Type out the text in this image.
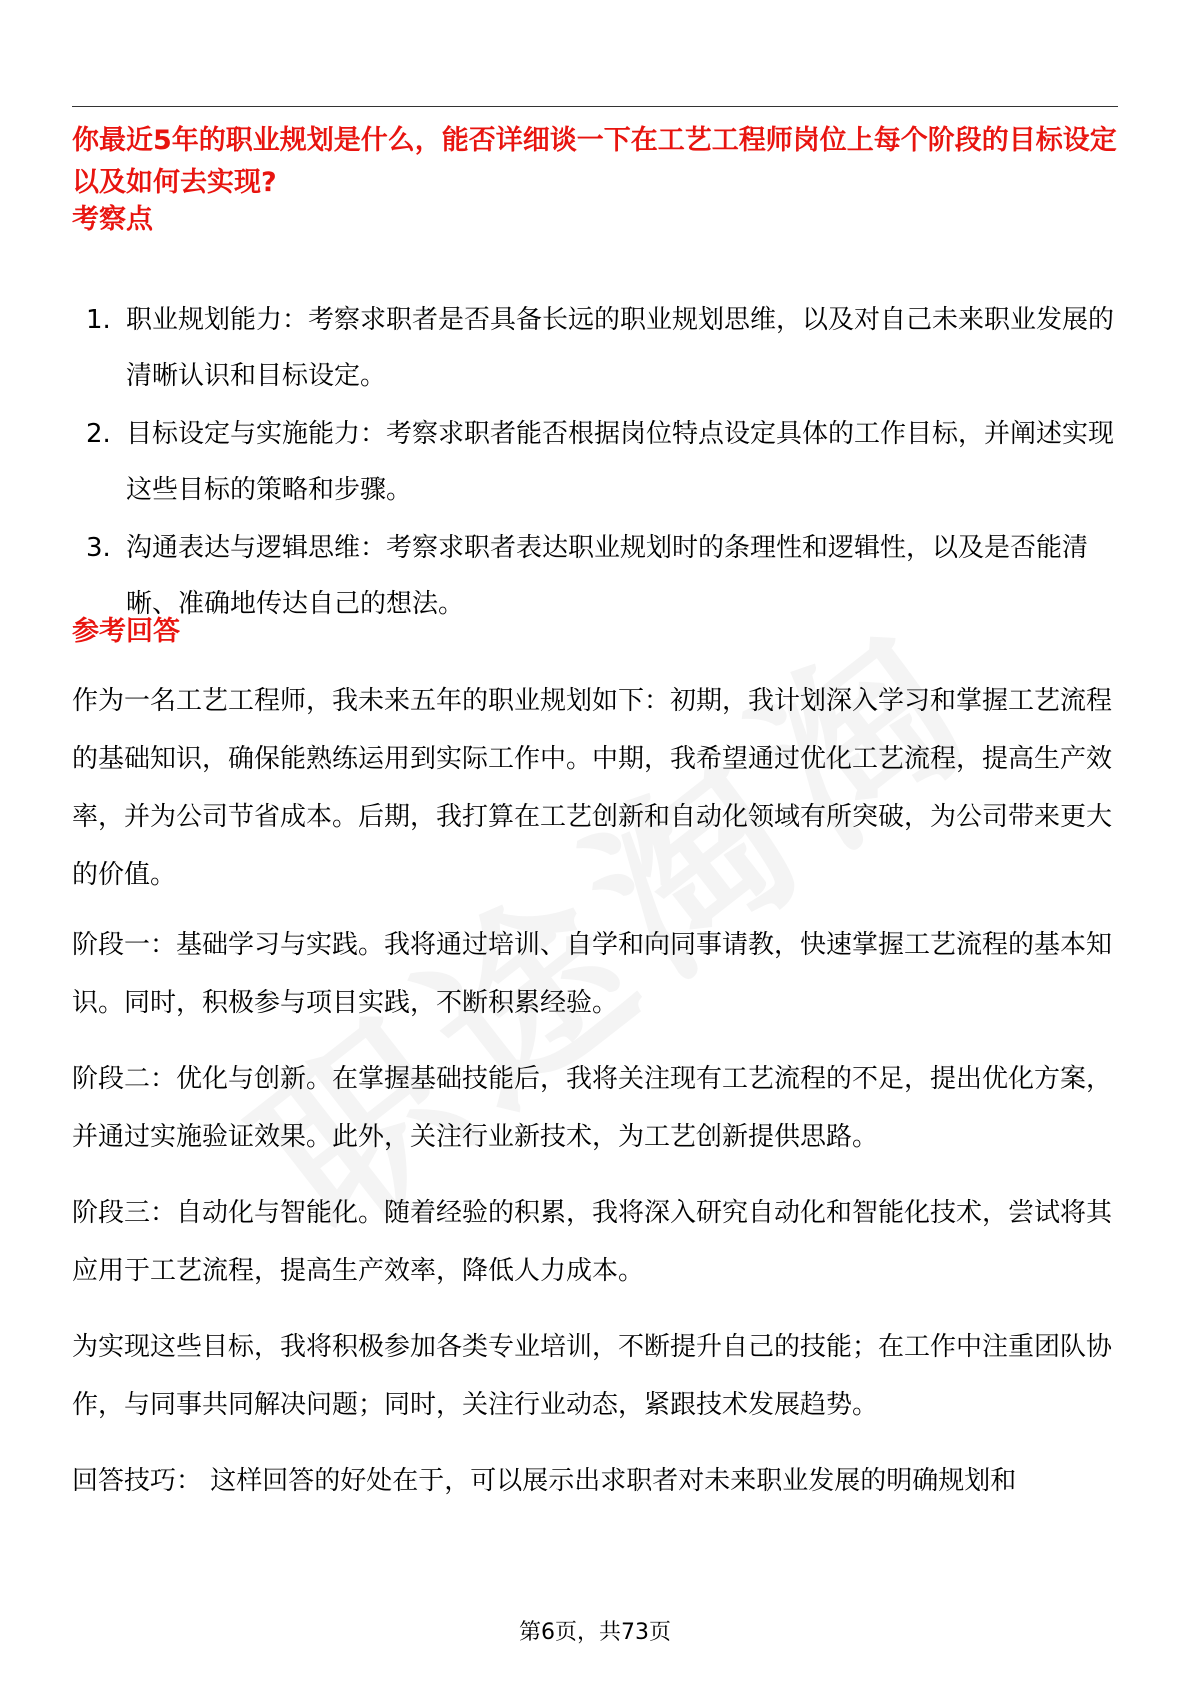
你最近5年的职业规划是什么，能否详细谈一下在工艺工程师岗位上每个阶段的目标设定以及如何去实现?
考察点
1. 职业规划能力：考察求职者是否具备长远的职业规划思维，以及对自己未来职业发展的清晰认识和目标设定。
2. 目标设定与实施能力：考察求职者能否根据岗位特点设定具体的工作目标，并阐述实现这些目标的策略和步骤。
3. 沟通表达与逻辑思维：考察求职者表达职业规划时的条理性和逻辑性，以及是否能清晰、准确地传达自己的想法。
参考回答
作为一名工艺工程师，我未来五年的职业规划如下：初期，我计划深入学习和掌握工艺流程的基础知识，确保能熟练运用到实际工作中。中期，我希望通过优化工艺流程，提高生产效率，并为公司节省成本。后期，我打算在工艺创新和自动化领域有所突破，为公司带来更大的价值。
阶段一：基础学习与实践。我将通过培训、自学和向同事请教，快速掌握工艺流程的基本知识。同时，积极参与项目实践，不断积累经验。
阶段二：优化与创新。在掌握基础技能后，我将关注现有工艺流程的不足，提出优化方案，并通过实施验证效果。此外，关注行业新技术，为工艺创新提供思路。
阶段三：自动化与智能化。随着经验的积累，我将深入研究自动化和智能化技术，尝试将其应用于工艺流程，提高生产效率，降低人力成本。
为实现这些目标，我将积极参加各类专业培训，不断提升自己的技能；在工作中注重团队协作，与同事共同解决问题；同时，关注行业动态，紧跟技术发展趋势。
回答技巧： 这样回答的好处在于，可以展示出求职者对未来职业发展的明确规划和
第6页，共73页
